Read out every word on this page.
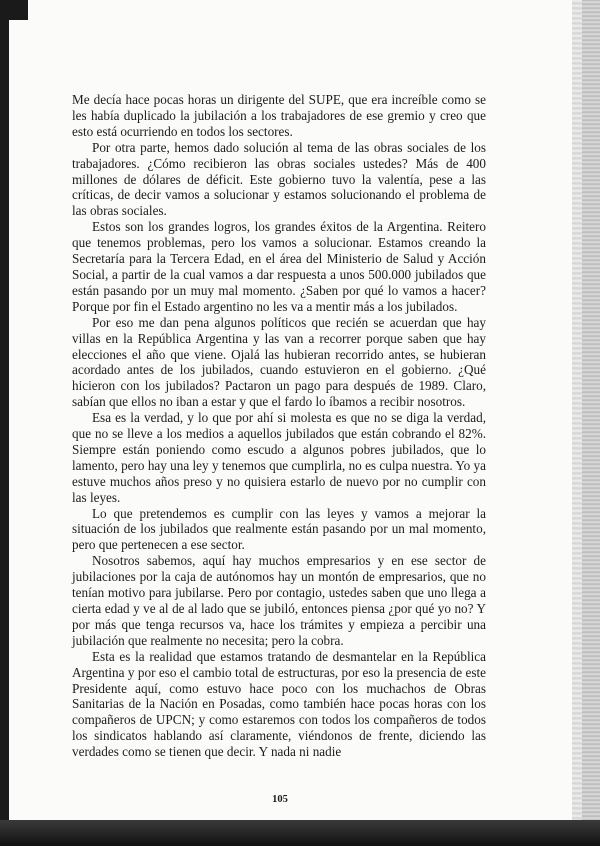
Me decía hace pocas horas un dirigente del SUPE, que era increíble como se les había duplicado la jubilación a los trabajadores de ese gremio y creo que esto está ocurriendo en todos los sectores.

Por otra parte, hemos dado solución al tema de las obras sociales de los trabajadores. ¿Cómo recibieron las obras sociales ustedes? Más de 400 millones de dólares de déficit. Este gobierno tuvo la valentía, pese a las críticas, de decir vamos a solucionar y estamos solucionando el problema de las obras sociales.

Estos son los grandes logros, los grandes éxitos de la Argentina. Reitero que tenemos problemas, pero los vamos a solucionar. Estamos creando la Secretaría para la Tercera Edad, en el área del Ministerio de Salud y Acción Social, a partir de la cual vamos a dar respuesta a unos 500.000 jubilados que están pasando por un muy mal momento. ¿Saben por qué lo vamos a hacer? Porque por fin el Estado argentino no les va a mentir más a los jubilados.

Por eso me dan pena algunos políticos que recién se acuerdan que hay villas en la República Argentina y las van a recorrer porque saben que hay elecciones el año que viene. Ojalá las hubieran recorrido antes, se hubieran acordado antes de los jubilados, cuando estuvieron en el gobierno. ¿Qué hicieron con los jubilados? Pactaron un pago para después de 1989. Claro, sabían que ellos no iban a estar y que el fardo lo íbamos a recibir nosotros.

Esa es la verdad, y lo que por ahí si molesta es que no se diga la verdad, que no se lleve a los medios a aquellos jubilados que están cobrando el 82%. Siempre están poniendo como escudo a algunos pobres jubilados, que lo lamento, pero hay una ley y tenemos que cumplirla, no es culpa nuestra. Yo ya estuve muchos años preso y no quisiera estarlo de nuevo por no cumplir con las leyes.

Lo que pretendemos es cumplir con las leyes y vamos a mejorar la situación de los jubilados que realmente están pasando por un mal momento, pero que pertenecen a ese sector.

Nosotros sabemos, aquí hay muchos empresarios y en ese sector de jubilaciones por la caja de autónomos hay un montón de empresarios, que no tenían motivo para jubilarse. Pero por contagio, ustedes saben que uno llega a cierta edad y ve al de al lado que se jubiló, entonces piensa ¿por qué yo no? Y por más que tenga recursos va, hace los trámites y empieza a percibir una jubilación que realmente no necesita; pero la cobra.

Esta es la realidad que estamos tratando de desmantelar en la República Argentina y por eso el cambio total de estructuras, por eso la presencia de este Presidente aquí, como estuvo hace poco con los muchachos de Obras Sanitarias de la Nación en Posadas, como también hace pocas horas con los compañeros de UPCN; y como estaremos con todos los compañeros de todos los sindicatos hablando así claramente, viéndonos de frente, diciendo las verdades como se tienen que decir. Y nada ni nadie

105
